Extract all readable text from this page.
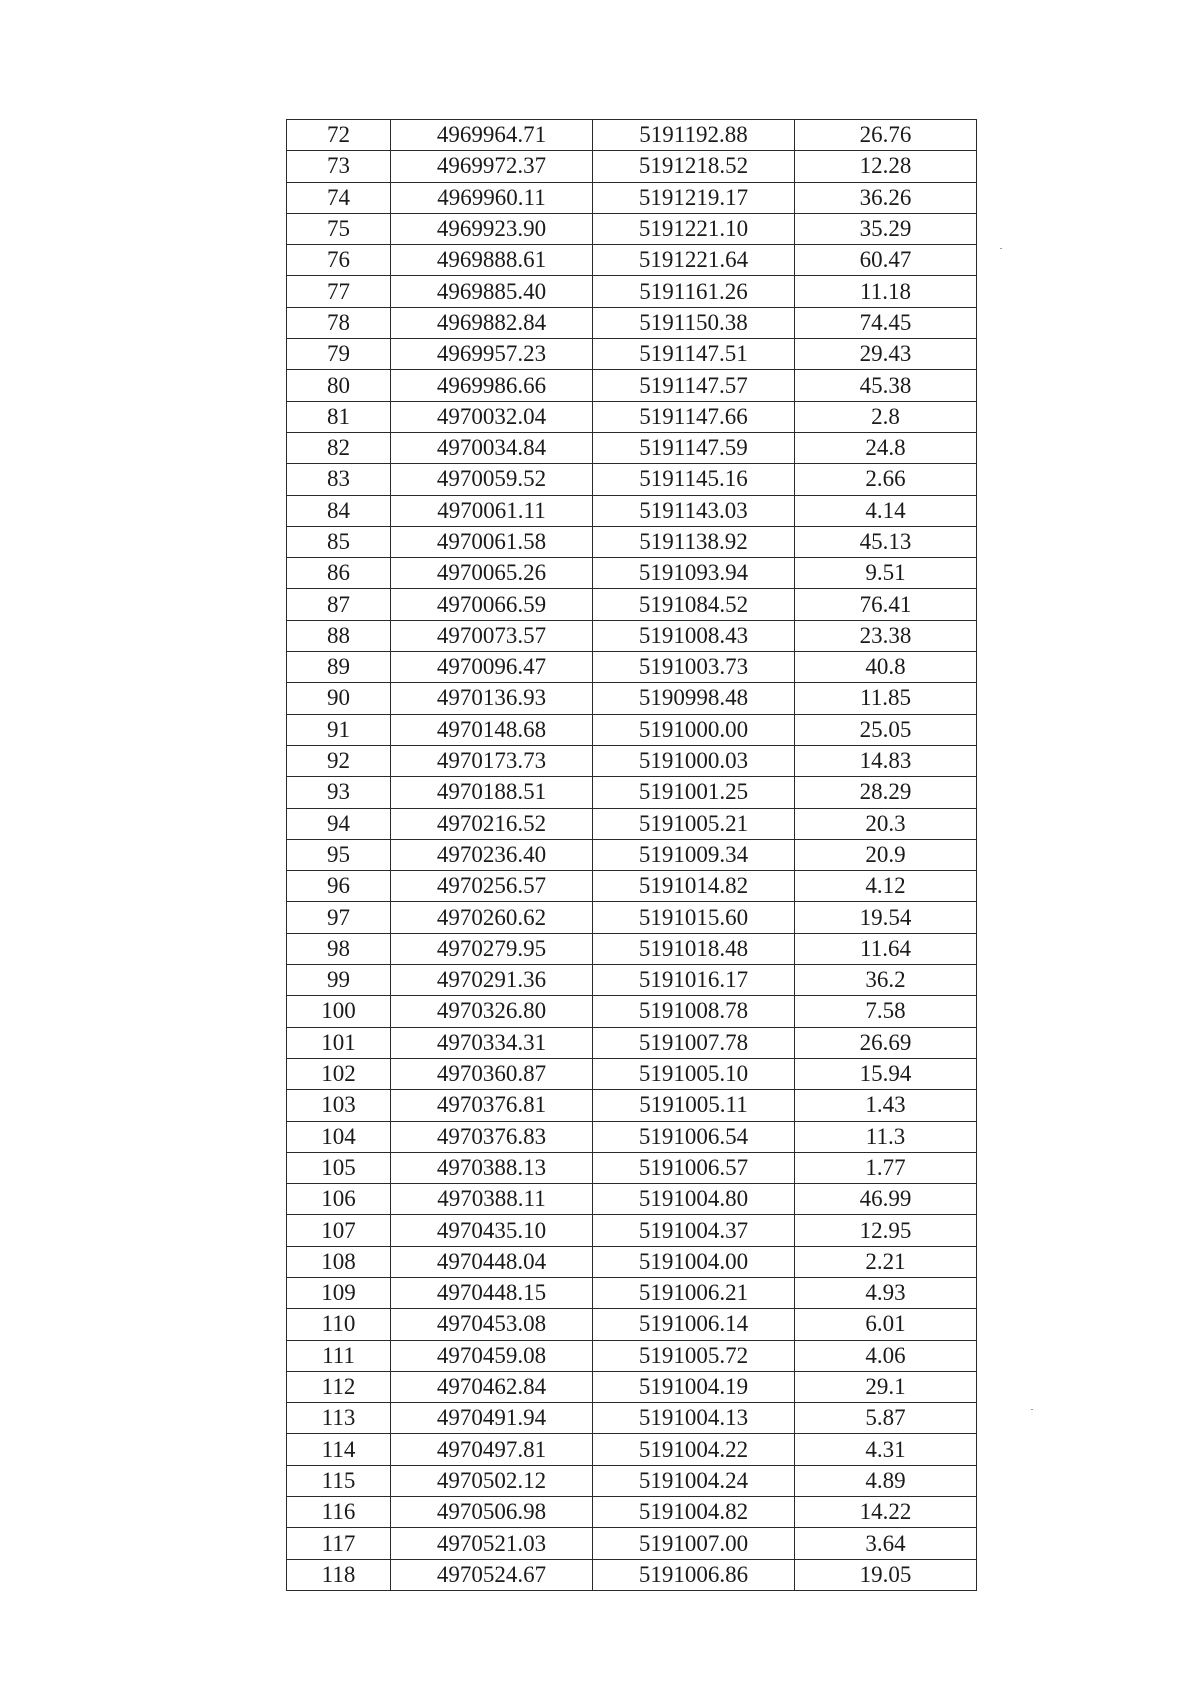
72	4969964.71	5191192.88	26.76
73	4969972.37	5191218.52	12.28
74	4969960.11	5191219.17	36.26
75	4969923.90	5191221.10	35.29
76	4969888.61	5191221.64	60.47
77	4969885.40	5191161.26	11.18
78	4969882.84	5191150.38	74.45
79	4969957.23	5191147.51	29.43
80	4969986.66	5191147.57	45.38
81	4970032.04	5191147.66	2.8
82	4970034.84	5191147.59	24.8
83	4970059.52	5191145.16	2.66
84	4970061.11	5191143.03	4.14
85	4970061.58	5191138.92	45.13
86	4970065.26	5191093.94	9.51
87	4970066.59	5191084.52	76.41
88	4970073.57	5191008.43	23.38
89	4970096.47	5191003.73	40.8
90	4970136.93	5190998.48	11.85
91	4970148.68	5191000.00	25.05
92	4970173.73	5191000.03	14.83
93	4970188.51	5191001.25	28.29
94	4970216.52	5191005.21	20.3
95	4970236.40	5191009.34	20.9
96	4970256.57	5191014.82	4.12
97	4970260.62	5191015.60	19.54
98	4970279.95	5191018.48	11.64
99	4970291.36	5191016.17	36.2
100	4970326.80	5191008.78	7.58
101	4970334.31	5191007.78	26.69
102	4970360.87	5191005.10	15.94
103	4970376.81	5191005.11	1.43
104	4970376.83	5191006.54	11.3
105	4970388.13	5191006.57	1.77
106	4970388.11	5191004.80	46.99
107	4970435.10	5191004.37	12.95
108	4970448.04	5191004.00	2.21
109	4970448.15	5191006.21	4.93
110	4970453.08	5191006.14	6.01
111	4970459.08	5191005.72	4.06
112	4970462.84	5191004.19	29.1
113	4970491.94	5191004.13	5.87
114	4970497.81	5191004.22	4.31
115	4970502.12	5191004.24	4.89
116	4970506.98	5191004.82	14.22
117	4970521.03	5191007.00	3.64
118	4970524.67	5191006.86	19.05
